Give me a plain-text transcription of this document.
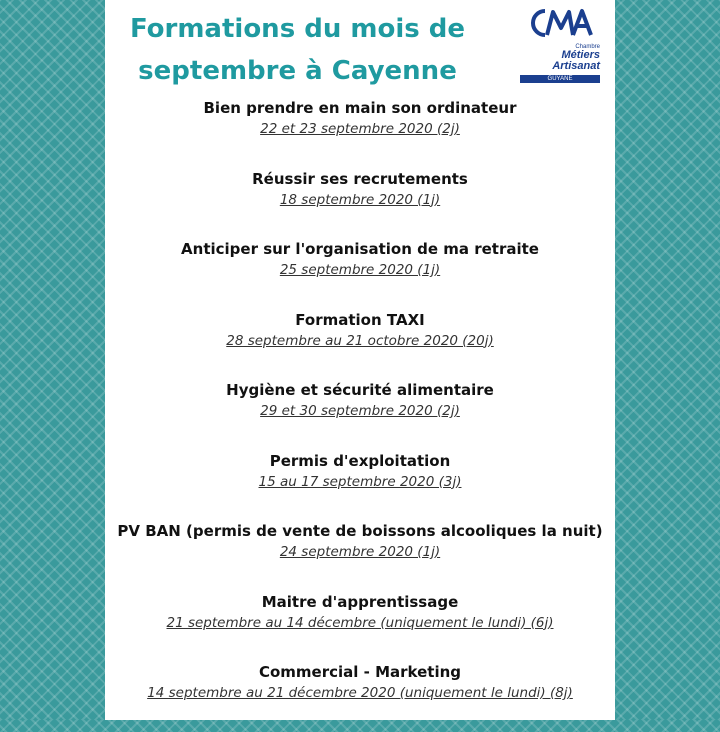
Formations du mois de
septembre à Cayenne
Chambre
Métiers
Artisanat
GUYANE
Bien prendre en main son ordinateur
22 et 23 septembre 2020 (2j)
Réussir ses recrutements
18 septembre 2020 (1j)
Anticiper sur l'organisation de ma retraite
25 septembre 2020 (1j)
Formation TAXI
28 septembre au 21 octobre 2020 (20j)
Hygiène et sécurité alimentaire
29 et 30 septembre 2020 (2j)
Permis d'exploitation
15 au 17 septembre 2020 (3j)
PV BAN (permis de vente de boissons alcooliques la nuit)
24 septembre 2020 (1j)
Maitre d'apprentissage
21 septembre au 14 décembre (uniquement le lundi) (6j)
Commercial - Marketing
14 septembre au 21 décembre 2020 (uniquement le lundi) (8j)
